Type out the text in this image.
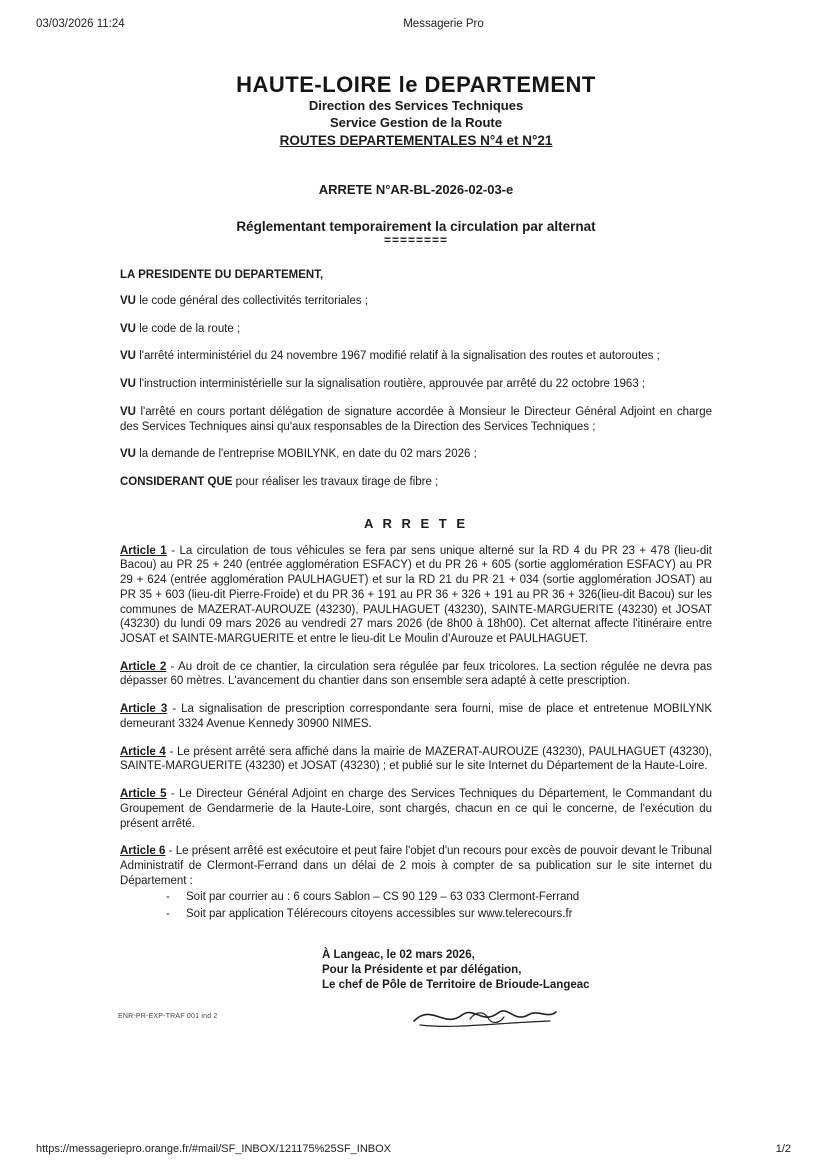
03/03/2026 11:24	Messagerie Pro
HAUTE-LOIRE le DEPARTEMENT
Direction des Services Techniques
Service Gestion de la Route
ROUTES DEPARTEMENTALES N°4 et N°21
ARRETE N°AR-BL-2026-02-03-e
Réglementant temporairement la circulation par alternat
========
LA PRESIDENTE DU DEPARTEMENT,

VU le code général des collectivités territoriales ;

VU le code de la route ;

VU l'arrêté interministériel du 24 novembre 1967 modifié relatif à la signalisation des routes et autoroutes ;

VU l'instruction interministérielle sur la signalisation routière, approuvée par arrêté du 22 octobre 1963 ;

VU l'arrêté en cours portant délégation de signature accordée à Monsieur le Directeur Général Adjoint en charge des Services Techniques ainsi qu'aux responsables de la Direction des Services Techniques ;

VU la demande de l'entreprise MOBILYNK, en date du 02 mars 2026 ;

CONSIDERANT QUE pour réaliser les travaux tirage de fibre ;

A R R E T E

Article 1 - La circulation de tous véhicules se fera par sens unique alterné sur la RD 4 du PR 23 + 478 (lieu-dit Bacou) au PR 25 + 240 (entrée agglomération ESFACY) et du PR 26 + 605 (sortie agglomération ESFACY) au PR 29 + 624 (entrée agglomération PAULHAGUET) et sur la RD 21 du PR 21 + 034 (sortie agglomération JOSAT) au PR 35 + 603 (lieu-dit Pierre-Froide) et du PR 36 + 191 au PR 36 + 326 + 191 au PR 36 + 326(lieu-dit Bacou) sur les communes de MAZERAT-AUROUZE (43230), PAULHAGUET (43230), SAINTE-MARGUERITE (43230) et JOSAT (43230) du lundi 09 mars 2026 au vendredi 27 mars 2026 (de 8h00 à 18h00). Cet alternat affecte l'itinéraire entre JOSAT et SAINTE-MARGUERITE et entre le lieu-dit Le Moulin d'Aurouze et PAULHAGUET.

Article 2 - Au droit de ce chantier, la circulation sera régulée par feux tricolores. La section régulée ne devra pas dépasser 60 mètres. L'avancement du chantier dans son ensemble sera adapté à cette prescription.

Article 3 - La signalisation de prescription correspondante sera fourni, mise de place et entretenue MOBILYNK demeurant 3324 Avenue Kennedy 30900 NIMES.

Article 4 - Le présent arrêté sera affiché dans la mairie de MAZERAT-AUROUZE (43230), PAULHAGUET (43230), SAINTE-MARGUERITE (43230) et JOSAT (43230) ; et publié sur le site Internet du Département de la Haute-Loire.

Article 5 - Le Directeur Général Adjoint en charge des Services Techniques du Département, le Commandant du Groupement de Gendarmerie de la Haute-Loire, sont chargés, chacun en ce qui le concerne, de l'exécution du présent arrêté.

Article 6 - Le présent arrêté est exécutoire et peut faire l'objet d'un recours pour excès de pouvoir devant le Tribunal Administratif de Clermont-Ferrand dans un délai de 2 mois à compter de sa publication sur le site internet du Département :

- Soit par courrier au : 6 cours Sablon – CS 90 129 – 63 033 Clermont-Ferrand
- Soit par application Télérecours citoyens accessibles sur www.telerecours.fr
À Langeac, le 02 mars 2026,
Pour la Présidente et par délégation,
Le chef de Pôle de Territoire de Brioude-Langeac
ENR-PR-EXP-TRAF 001 ind 2
https://messageriepro.orange.fr/#mail/SF_INBOX/121175%25SF_INBOX	1/2
